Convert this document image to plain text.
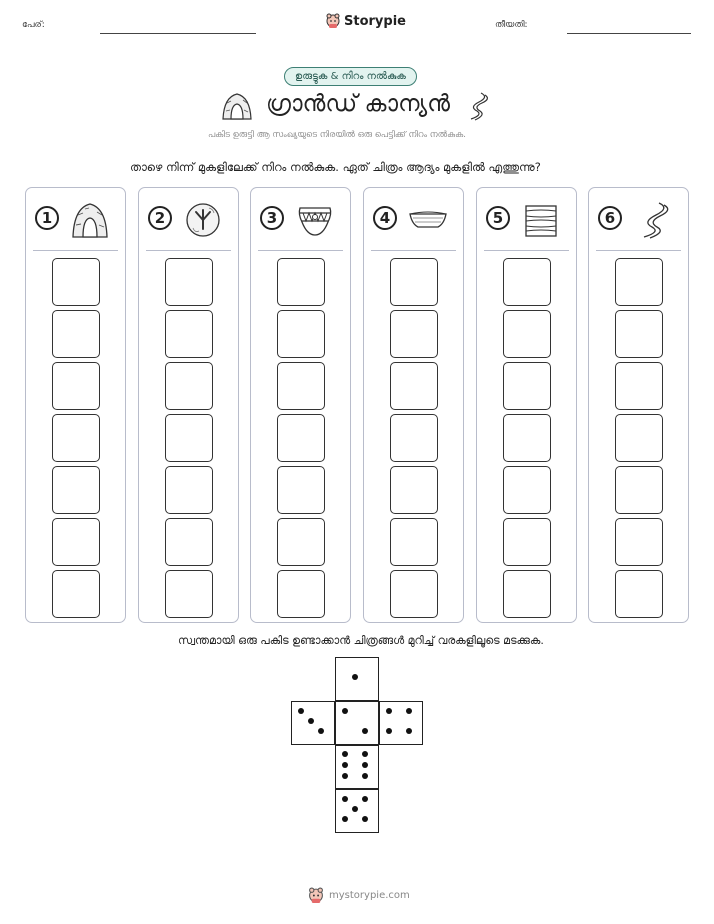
പേര്:	Storypie	തീയതി:
ഉരുട്ടുക & നിറം നൽകുക
ഗ്രാൻഡ് കാന്യൻ
പകിട ഉരുട്ടി ആ സംഖ്യയുടെ നിരയിൽ ഒരു പെട്ടിക്ക് നിറം നൽകുക.
താഴെ നിന്ന് മുകളിലേക്ക് നിറം നൽകുക. ഏത് ചിത്രം ആദ്യം മുകളിൽ എത്തുന്നു?
1	2	3	4	5	6
സ്വന്തമായി ഒരു പകിട ഉണ്ടാക്കാൻ ചിത്രങ്ങൾ മുറിച്ച് വരകളിലൂടെ മടക്കുക.
mystorypie.com
